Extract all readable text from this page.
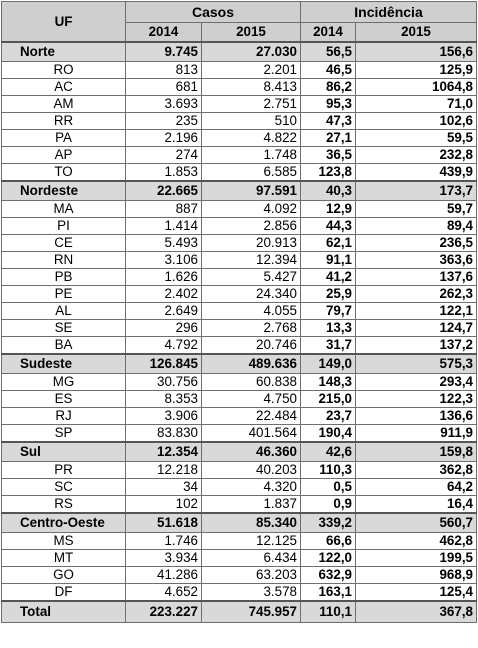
UF	Casos		Incidência	
	2014	2015	2014	2015
Norte	9.745	27.030	56,5	156,6
RO	813	2.201	46,5	125,9
AC	681	8.413	86,2	1064,8
AM	3.693	2.751	95,3	71,0
RR	235	510	47,3	102,6
PA	2.196	4.822	27,1	59,5
AP	274	1.748	36,5	232,8
TO	1.853	6.585	123,8	439,9
Nordeste	22.665	97.591	40,3	173,7
MA	887	4.092	12,9	59,7
PI	1.414	2.856	44,3	89,4
CE	5.493	20.913	62,1	236,5
RN	3.106	12.394	91,1	363,6
PB	1.626	5.427	41,2	137,6
PE	2.402	24.340	25,9	262,3
AL	2.649	4.055	79,7	122,1
SE	296	2.768	13,3	124,7
BA	4.792	20.746	31,7	137,2
Sudeste	126.845	489.636	149,0	575,3
MG	30.756	60.838	148,3	293,4
ES	8.353	4.750	215,0	122,3
RJ	3.906	22.484	23,7	136,6
SP	83.830	401.564	190,4	911,9
Sul	12.354	46.360	42,6	159,8
PR	12.218	40.203	110,3	362,8
SC	34	4.320	0,5	64,2
RS	102	1.837	0,9	16,4
Centro-Oeste	51.618	85.340	339,2	560,7
MS	1.746	12.125	66,6	462,8
MT	3.934	6.434	122,0	199,5
GO	41.286	63.203	632,9	968,9
DF	4.652	3.578	163,1	125,4
Total	223.227	745.957	110,1	367,8
